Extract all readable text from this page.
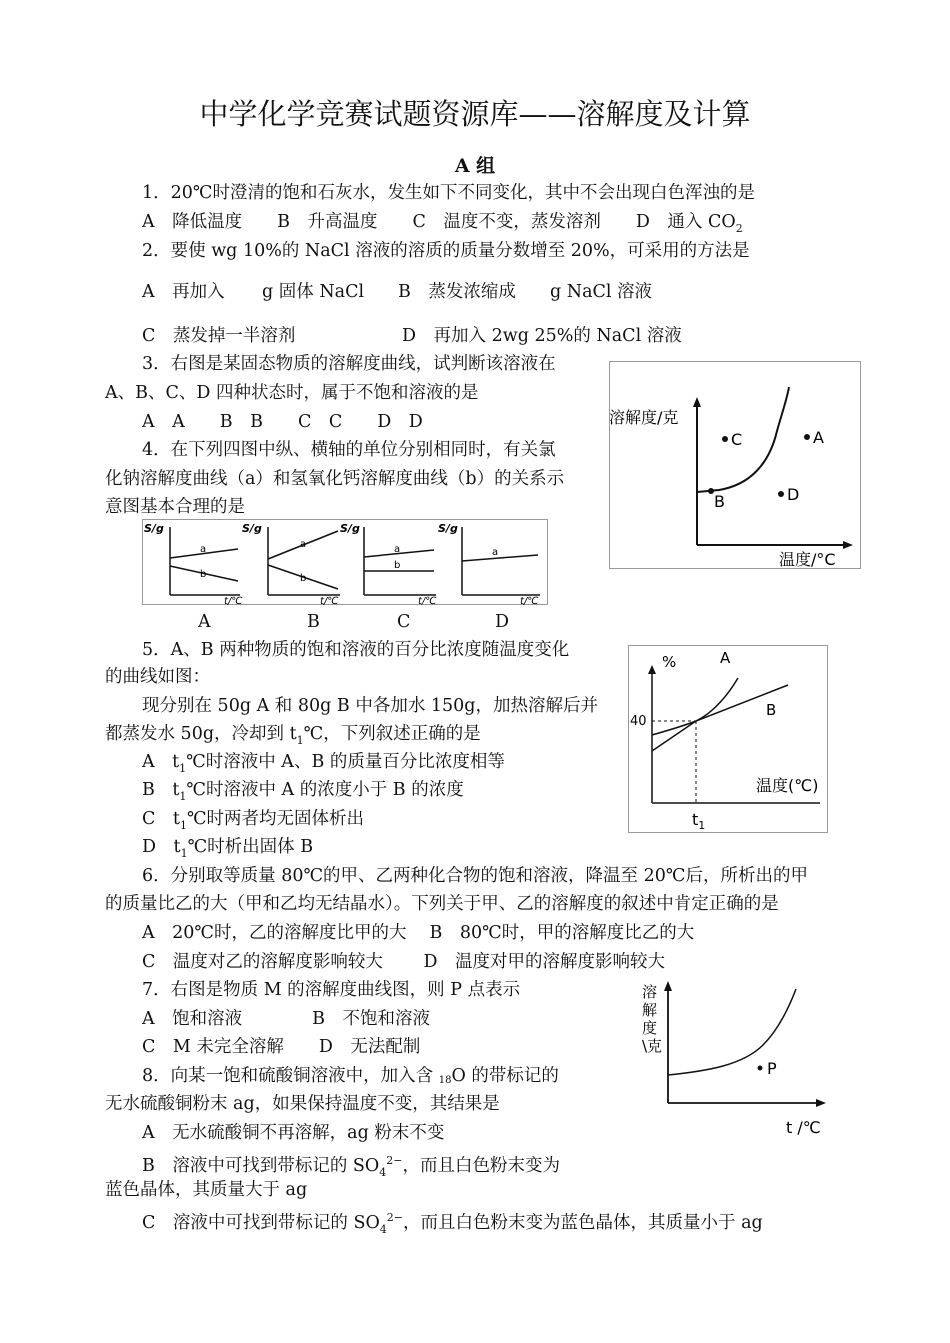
中学化学竞赛试题资源库——溶解度及计算
A 组
1．20℃时澄清的饱和石灰水，发生如下不同变化，其中不会出现白色浑浊的是
A　降低温度　　B　升高温度　　C　温度不变，蒸发溶剂　　D　通入 $CO_2$
2．要使 wg 10%的 NaCl 溶液的溶质的质量分数增至 20%，可采用的方法是
A　再加入 g 固体 NaCl B　蒸发浓缩成 g NaCl 溶液
C　蒸发掉一半溶剂	D　再加入 2wg 25%的 NaCl 溶液
3．右图是某固态物质的溶解度曲线，试判断该溶液在
A、B、C、D 四种状态时，属于不饱和溶液的是
A　A　　B　B　　C　C　　D　D	溶解度/克
温度/°C
C	A
B	D
4．在下列四图中纵、横轴的单位分别相同时，有关氯
化钠溶解度曲线（a）和氢氧化钙溶解度曲线（b）的关系示
意图基本合理的是
S/g
a
b
t/℃
S/g
a
b
t/℃
S/g
a
b
t/℃
S/g
a
t/℃
A	B	C	D
5．A、B 两种物质的饱和溶液的百分比浓度随温度变化
的曲线如图：
现分别在 50g A 和 80g B 中各加水 150g，加热溶解后并
都蒸发水 50g，冷却到 $t_1℃$，下列叙述正确的是
A　$t_1℃$时溶液中 A、B 的质量百分比浓度相等
B　$t_1℃$时溶液中 A 的浓度小于 B 的浓度
C　$t_1℃$时两者均无固体析出
D　$t_1℃$时析出固体 B
%
40
A
B
温度(℃)
$t_1$
6．分别取等质量 80℃的甲、乙两种化合物的饱和溶液，降温至 20℃后，所析出的甲
的质量比乙的大（甲和乙均无结晶水）。下列关于甲、乙的溶解度的叙述中肯定正确的是
A　20℃时，乙的溶解度比甲的大　 B　80℃时，甲的溶解度比乙的大
C　温度对乙的溶解度影响较大　　 D　温度对甲的溶解度影响较大
7．右图是物质 M 的溶解度曲线图，则 P 点表示
A　饱和溶液　　　　B　不饱和溶液
C　M 未完全溶解　　D　无法配制
溶
解
度
\克
P
t /℃
8．向某一饱和硫酸铜溶液中，加入含 $^{18}$O 的带标记的
无水硫酸铜粉末 ag，如果保持温度不变，其结果是
A　无水硫酸铜不再溶解，ag 粉末不变
B　溶液中可找到带标记的 $SO_4^{2-}$，而且白色粉末变为
蓝色晶体，其质量大于 ag
C　溶液中可找到带标记的 $SO_4^{2-}$，而且白色粉末变为蓝色晶体，其质量小于 ag
